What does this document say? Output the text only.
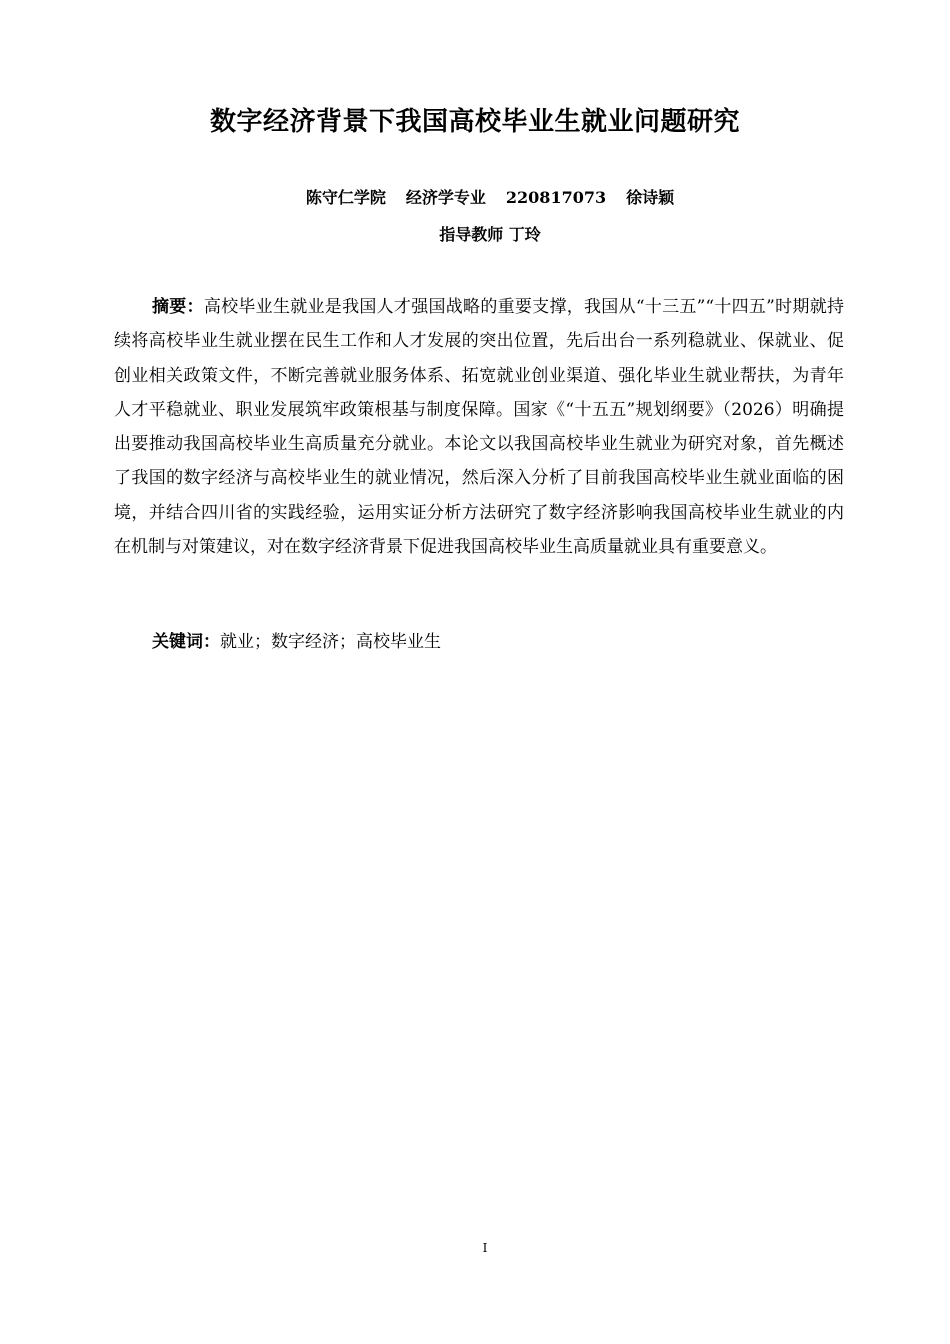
数字经济背景下我国高校毕业生就业问题研究
陈守仁学院 经济学专业 220817073 徐诗颖
指导教师 丁玲

摘要：高校毕业生就业是我国人才强国战略的重要支撑，我国从“十三五”“十四五”时期就持续将高校毕业生就业摆在民生工作和人才发展的突出位置，先后出台一系列稳就业、保就业、促创业相关政策文件，不断完善就业服务体系、拓宽就业创业渠道、强化毕业生就业帮扶，为青年人才平稳就业、职业发展筑牢政策根基与制度保障。国家《“十五五”规划纲要》（2026）明确提出要推动我国高校毕业生高质量充分就业。本论文以我国高校毕业生就业为研究对象，首先概述了我国的数字经济与高校毕业生的就业情况，然后深入分析了目前我国高校毕业生就业面临的困境，并结合四川省的实践经验，运用实证分析方法研究了数字经济影响我国高校毕业生就业的内在机制与对策建议，对在数字经济背景下促进我国高校毕业生高质量就业具有重要意义。

关键词：就业；数字经济；高校毕业生

I
